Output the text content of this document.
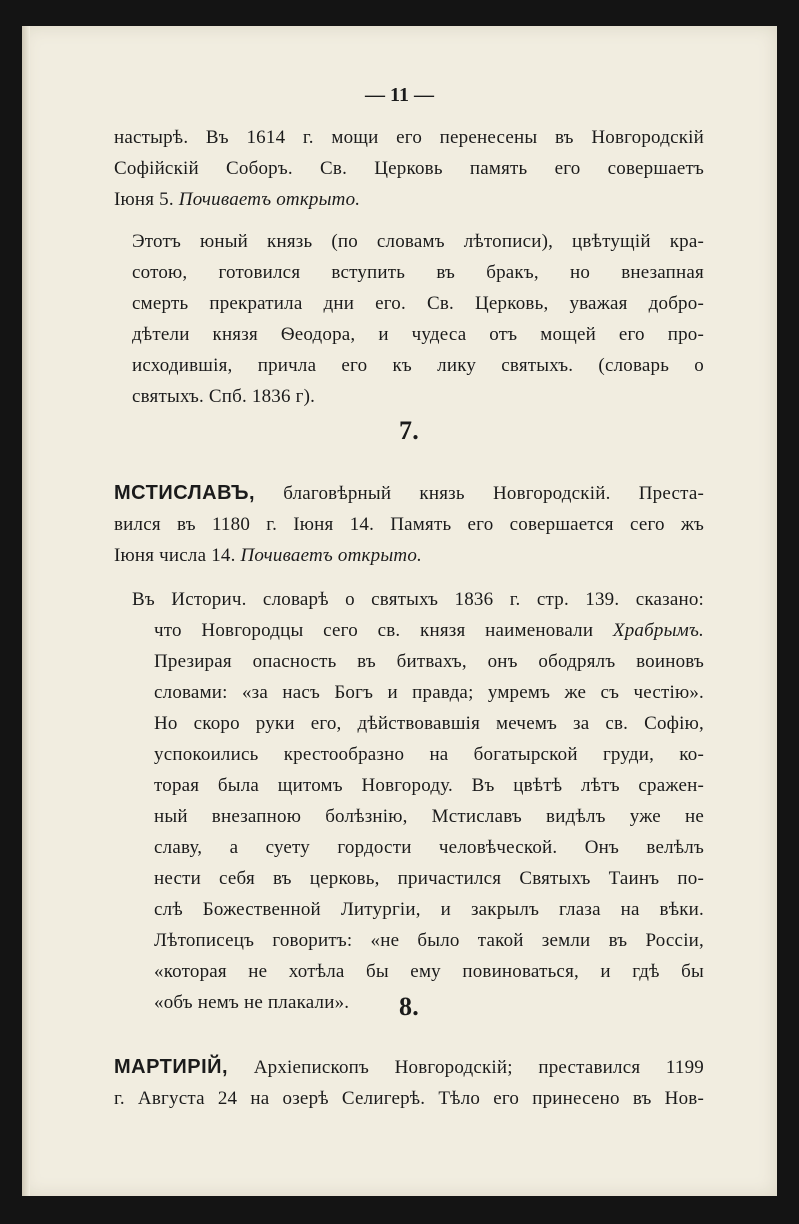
— 11 —
настырѣ. Въ 1614 г. мощи его перенесены въ Новгородскій
Софійскій Соборъ. Св. Церковь память его совершаетъ
Іюня 5. Почиваетъ открыто.
Этотъ юный князь (по словамъ лѣтописи), цвѣтущій кра-
сотою, готовился вступить въ бракъ, но внезапная
смерть прекратила дни его. Св. Церковь, уважая добро-
дѣтели князя Ѳеодора, и чудеса отъ мощей его про-
исходившія, причла его къ лику святыхъ. (словарь о
святыхъ. Спб. 1836 г).
7.
МСТИСЛАВЪ, благовѣрный князь Новгородскій. Преста-
вился въ 1180 г. Іюня 14. Память его совершается сего жъ
Іюня числа 14. Почиваетъ открыто.
Въ Историч. словарѣ о святыхъ 1836 г. стр. 139. сказано:
что Новгородцы сего св. князя наименовали Храбрымъ.
Презирая опасность въ битвахъ, онъ ободрялъ воиновъ
словами: «за насъ Богъ и правда; умремъ же съ честію».
Но скоро руки его, дѣйствовавшія мечемъ за св. Софію,
успокоились крестообразно на богатырской груди, ко-
торая была щитомъ Новгороду. Въ цвѣтѣ лѣтъ сражен-
ный внезапною болѣзнію, Мстиславъ видѣлъ уже не
славу, а суету гордости человѣческой. Онъ велѣлъ
нести себя въ церковь, причастился Святыхъ Таинъ по-
слѣ Божественной Литургіи, и закрылъ глаза на вѣки.
Лѣтописецъ говоритъ: «не было такой земли въ Россіи,
«которая не хотѣла бы ему повиноваться, и гдѣ бы
«объ немъ не плакали».	8.
МАРТИРІЙ, Архіепископъ Новгородскій; преставился 1199
г. Августа 24 на озерѣ Селигерѣ. Тѣло его принесено въ Нов-
